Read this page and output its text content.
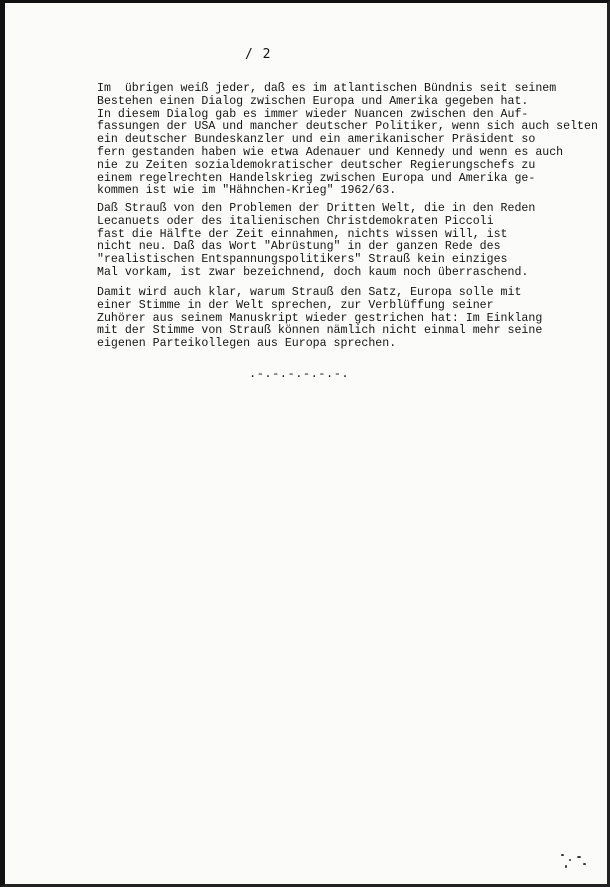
/ 2

Im  übrigen weiß jeder, daß es im atlantischen Bündnis seit seinem
Bestehen einen Dialog zwischen Europa und Amerika gegeben hat.
In diesem Dialog gab es immer wieder Nuancen zwischen den Auf-
fassungen der USA und mancher deutscher Politiker, wenn sich auch selten
ein deutscher Bundeskanzler und ein amerikanischer Präsident so
fern gestanden haben wie etwa Adenauer und Kennedy und wenn es auch
nie zu Zeiten sozialdemokratischer deutscher Regierungschefs zu
einem regelrechten Handelskrieg zwischen Europa und Amerika ge-
kommen ist wie im "Hähnchen-Krieg" 1962/63.

Daß Strauß von den Problemen der Dritten Welt, die in den Reden
Lecanuets oder des italienischen Christdemokraten Piccoli
fast die Hälfte der Zeit einnahmen, nichts wissen will, ist
nicht neu. Daß das Wort "Abrüstung" in der ganzen Rede des
"realistischen Entspannungspolitikers" Strauß kein einziges
Mal vorkam, ist zwar bezeichnend, doch kaum noch überraschend.

Damit wird auch klar, warum Strauß den Satz, Europa solle mit
einer Stimme in der Welt sprechen, zur Verblüffung seiner
Zuhörer aus seinem Manuskript wieder gestrichen hat: Im Einklang
mit der Stimme von Strauß können nämlich nicht einmal mehr seine
eigenen Parteikollegen aus Europa sprechen.

.-.-.-.-.-.-.
